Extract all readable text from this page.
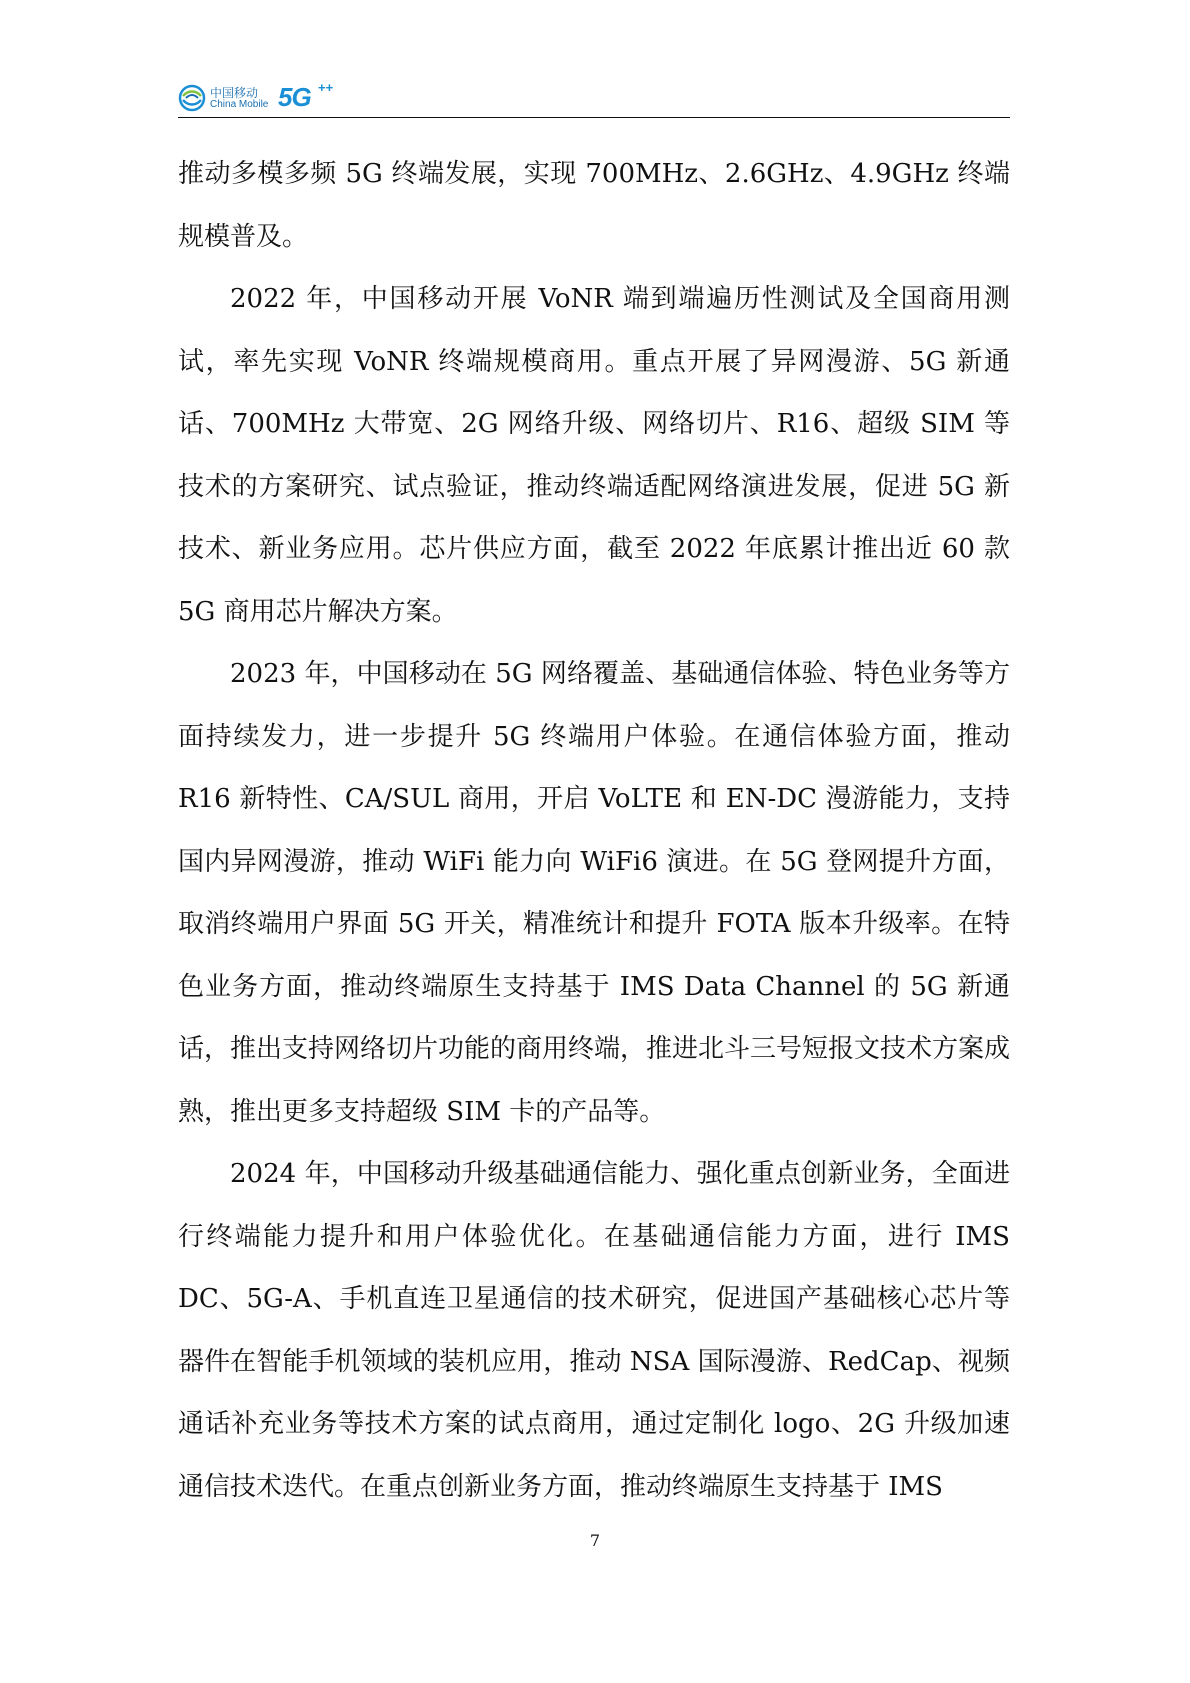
中国移动
China Mobile 5G ++

推动多模多频 5G 终端发展，实现 700MHz、2.6GHz、4.9GHz 终端规模普及。

2022 年，中国移动开展 VoNR 端到端遍历性测试及全国商用测试，率先实现 VoNR 终端规模商用。重点开展了异网漫游、5G 新通话、700MHz 大带宽、2G 网络升级、网络切片、R16、超级 SIM 等技术的方案研究、试点验证，推动终端适配网络演进发展，促进 5G 新技术、新业务应用。芯片供应方面，截至 2022 年底累计推出近 60 款 5G 商用芯片解决方案。

2023 年，中国移动在 5G 网络覆盖、基础通信体验、特色业务等方面持续发力，进一步提升 5G 终端用户体验。在通信体验方面，推动 R16 新特性、CA/SUL 商用，开启 VoLTE 和 EN-DC 漫游能力，支持国内异网漫游，推动 WiFi 能力向 WiFi6 演进。在 5G 登网提升方面，取消终端用户界面 5G 开关，精准统计和提升 FOTA 版本升级率。在特色业务方面，推动终端原生支持基于 IMS Data Channel 的 5G 新通话，推出支持网络切片功能的商用终端，推进北斗三号短报文技术方案成熟，推出更多支持超级 SIM 卡的产品等。

2024 年，中国移动升级基础通信能力、强化重点创新业务，全面进行终端能力提升和用户体验优化。在基础通信能力方面，进行 IMS DC、5G-A、手机直连卫星通信的技术研究，促进国产基础核心芯片等器件在智能手机领域的装机应用，推动 NSA 国际漫游、RedCap、视频通话补充业务等技术方案的试点商用，通过定制化 logo、2G 升级加速通信技术迭代。在重点创新业务方面，推动终端原生支持基于 IMS

7
